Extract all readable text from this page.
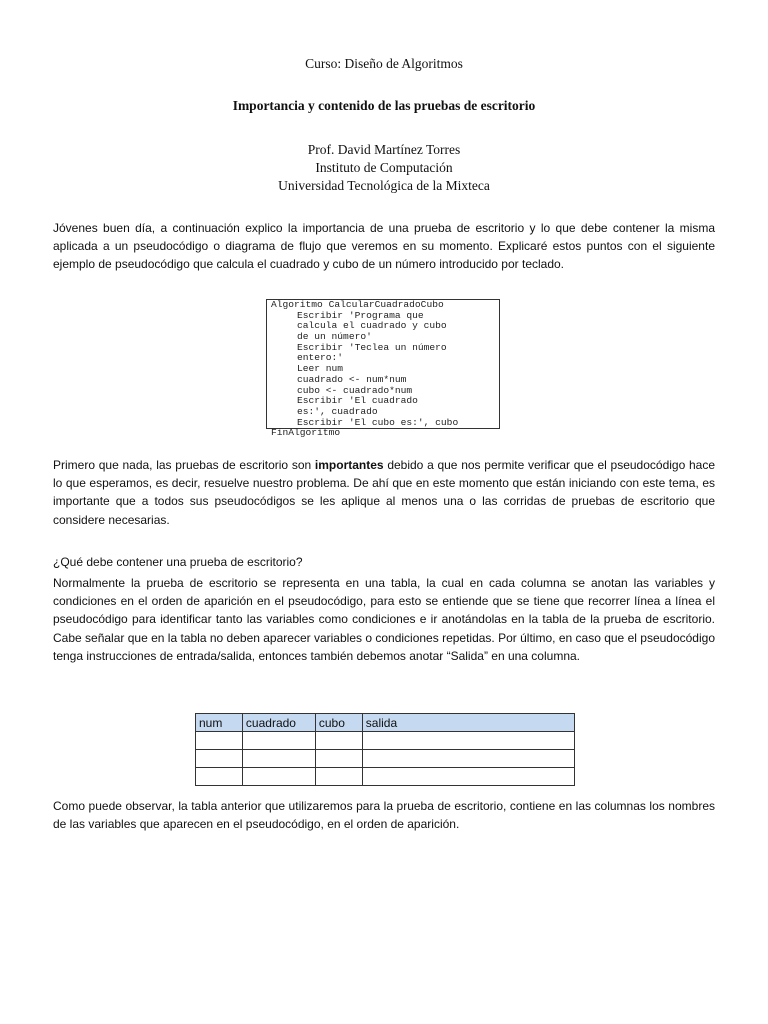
Curso: Diseño de Algoritmos
Importancia y contenido de las pruebas de escritorio
Prof. David Martínez Torres
Instituto de Computación
Universidad Tecnológica de la Mixteca
Jóvenes buen día, a continuación explico la importancia de una prueba de escritorio y lo que debe contener la misma aplicada a un pseudocódigo o diagrama de flujo que veremos en su momento. Explicaré estos puntos con el siguiente ejemplo de pseudocódigo que calcula el cuadrado y cubo de un número introducido por teclado.
Algoritmo CalcularCuadradoCubo
Escribir 'Programa que
calcula el cuadrado y cubo
de un número'
Escribir 'Teclea un número
entero:'
Leer num
cuadrado <- num*num
cubo <- cuadrado*num
Escribir 'El cuadrado
es:', cuadrado
Escribir 'El cubo es:', cubo
FinAlgoritmo
Primero que nada, las pruebas de escritorio son importantes debido a que nos permite verificar que el pseudocódigo hace lo que esperamos, es decir, resuelve nuestro problema. De ahí que en este momento que están iniciando con este tema, es importante que a todos sus pseudocódigos se les aplique al menos una o las corridas de pruebas de escritorio que considere necesarias.
¿Qué debe contener una prueba de escritorio?
Normalmente la prueba de escritorio se representa en una tabla, la cual en cada columna se anotan las variables y condiciones en el orden de aparición en el pseudocódigo, para esto se entiende que se tiene que recorrer línea a línea el pseudocódigo para identificar tanto las variables como condiciones e ir anotándolas en la tabla de la prueba de escritorio. Cabe señalar que en la tabla no deben aparecer variables o condiciones repetidas. Por último, en caso que el pseudocódigo tenga instrucciones de entrada/salida, entonces también debemos anotar “Salida” en una columna.
num	cuadrado	cubo	salida

Como puede observar, la tabla anterior que utilizaremos para la prueba de escritorio, contiene en las columnas los nombres de las variables que aparecen en el pseudocódigo, en el orden de aparición.
